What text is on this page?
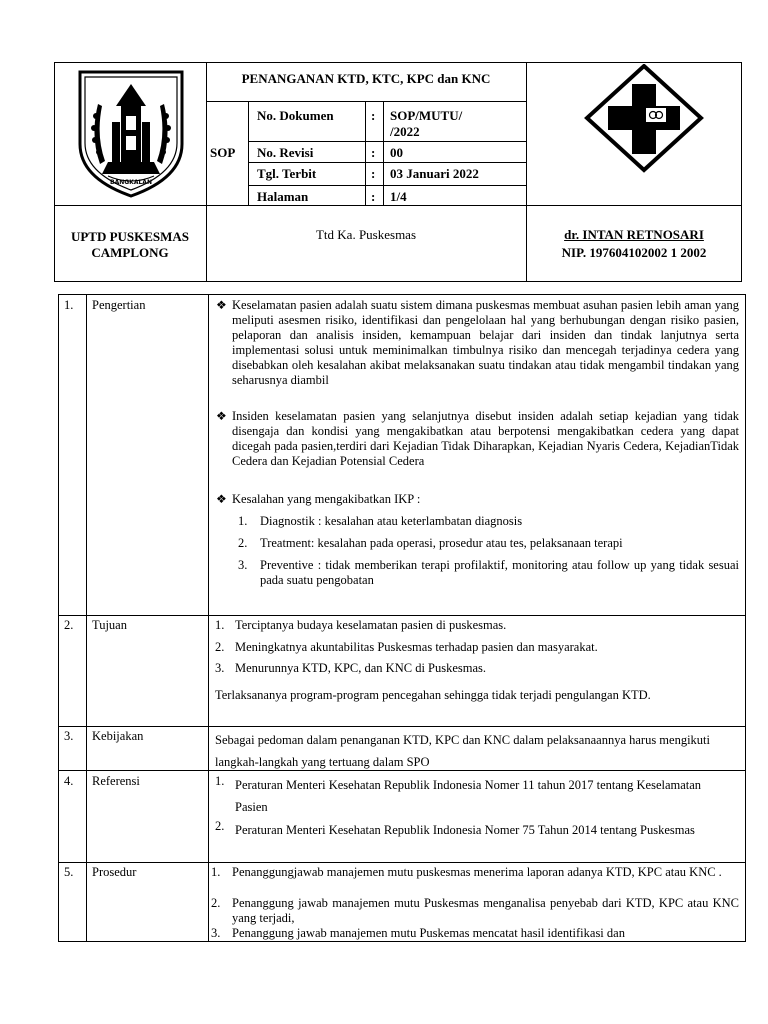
BANGKALAN
PENANGANAN KTD, KTC, KPC dan KNC
SOP
No. Dokumen	: SOP/MUTU/
/2022
No. Revisi	: 00
Tgl. Terbit	: 03 Januari 2022
Halaman	: 1/4
UPTD PUSKESMAS
CAMPLONG
Ttd Ka. Puskesmas	dr. INTAN RETNOSARI
NIP. 197604102002 1 2002
1. Pengertian	❖ Keselamatan pasien adalah suatu sistem dimana puskesmas membuat asuhan pasien lebih aman yang meliputi asesmen risiko, identifikasi dan pengelolaan hal yang berhubungan dengan risiko pasien, pelaporan dan analisis insiden, kemampuan belajar dari insiden dan tindak lanjutnya serta implementasi solusi untuk meminimalkan timbulnya risiko dan mencegah terjadinya cedera yang disebabkan oleh kesalahan akibat melaksanakan suatu tindakan atau tidak mengambil tindakan yang seharusnya diambil
❖ Insiden keselamatan pasien yang selanjutnya disebut insiden adalah setiap kejadian yang tidak disengaja dan kondisi yang mengakibatkan atau berpotensi mengakibatkan cedera yang dapat dicegah pada pasien,terdiri dari Kejadian Tidak Diharapkan, Kejadian Nyaris Cedera, KejadianTidak Cedera dan Kejadian Potensial Cedera
❖ Kesalahan yang mengakibatkan IKP :
1. Diagnostik : kesalahan atau keterlambatan diagnosis
2. Treatment: kesalahan pada operasi, prosedur atau tes, pelaksanaan terapi
3. Preventive : tidak memberikan terapi profilaktif, monitoring atau follow up yang tidak sesuai pada suatu pengobatan
2. Tujuan	1. Terciptanya budaya keselamatan pasien di puskesmas.
2. Meningkatnya akuntabilitas Puskesmas terhadap pasien dan masyarakat.
3. Menurunnya KTD, KPC, dan KNC di Puskesmas.
Terlaksananya program-program pencegahan sehingga tidak terjadi pengulangan KTD.
3. Kebijakan	Sebagai pedoman dalam penanganan KTD, KPC dan KNC dalam pelaksanaannya harus mengikuti langkah-langkah yang tertuang dalam SPO
4. Referensi	1. Peraturan Menteri Kesehatan Republik Indonesia Nomer 11 tahun 2017 tentang Keselamatan Pasien
2. Peraturan Menteri Kesehatan Republik Indonesia Nomer 75 Tahun 2014 tentang Puskesmas
5. Prosedur	1. Penanggungjawab manajemen mutu puskesmas menerima laporan adanya KTD, KPC atau KNC .
2. Penanggung jawab manajemen mutu Puskesmas menganalisa penyebab dari KTD, KPC atau KNC yang terjadi,
3. Penanggung jawab manajemen mutu Puskemas mencatat hasil identifikasi dan
